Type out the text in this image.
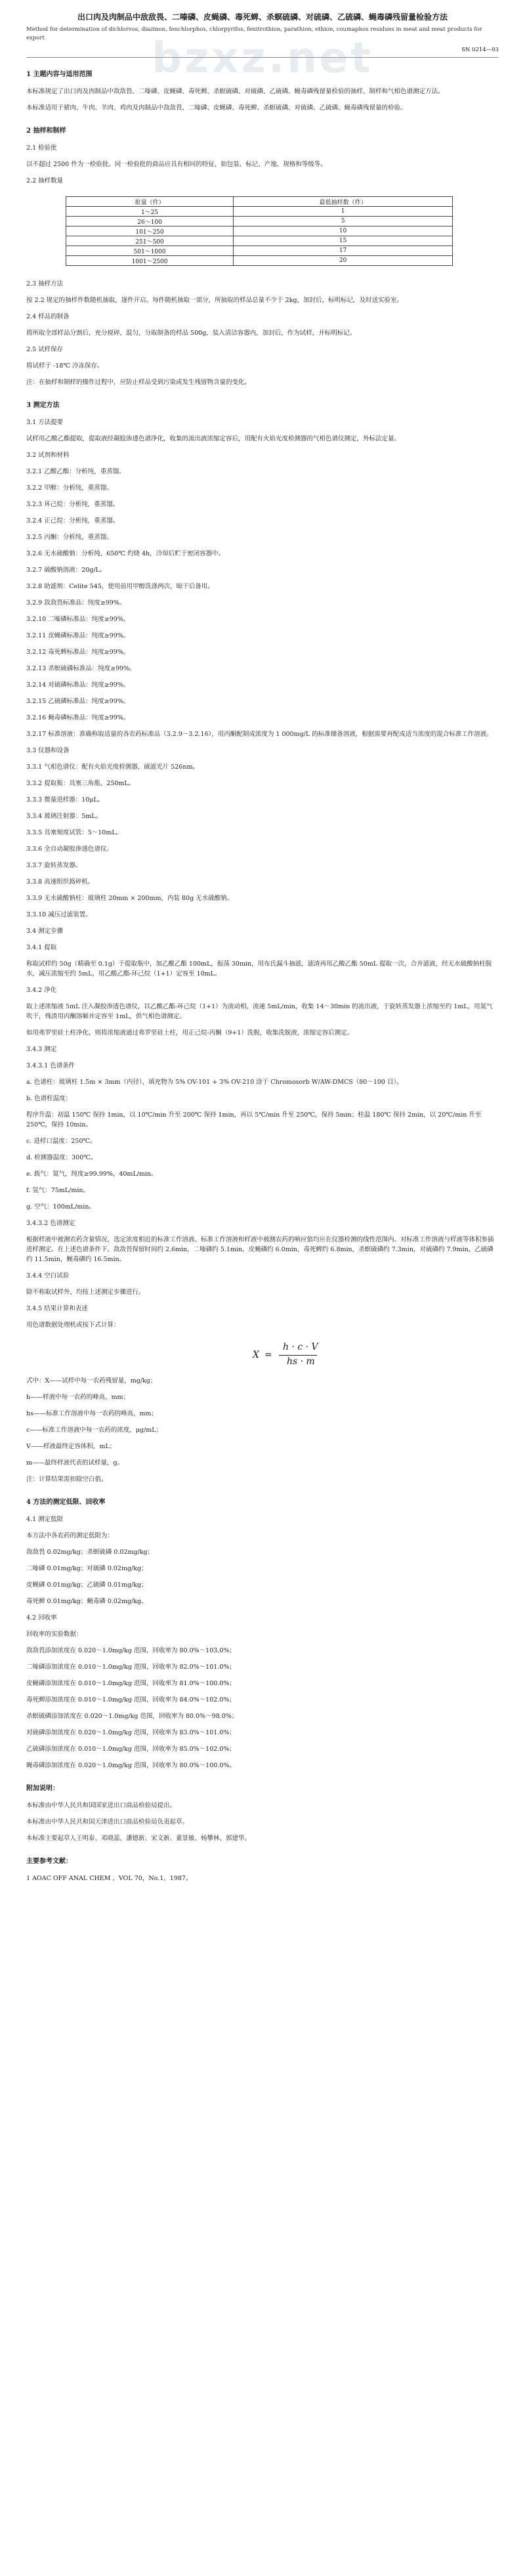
bzxz.net
出口肉及肉制品中敌敌畏、二嗪磷、皮蝇磷、毒死蜱、杀螟硫磷、对硫磷、乙硫磷、蝇毒磷残留量检验方法
Method for determination of dichlorvos, diazinon, fenchlorphos, chlorpyrifos, fenitrothion, parathion, ethion, coumaphos residues in meat and meat products for export
SN 0214—93
1 主题内容与适用范围
本标准规定了出口肉及肉制品中敌敌畏、二嗪磷、皮蝇磷、毒死蜱、杀螟硫磷、对硫磷、乙硫磷、蝇毒磷残留量检验的抽样、制样和气相色谱测定方法。
本标准适用于猪肉、牛肉、羊肉、鸡肉及肉制品中敌敌畏、二嗪磷、皮蝇磷、毒死蜱、杀螟硫磷、对硫磷、乙硫磷、蝇毒磷残留量的检验。
2 抽样和制样
2.1 检验批
以不超过 2500 件为一检验批。同一检验批的商品应具有相同的特征，如包装、标记、产地、规格和等级等。
2.2 抽样数量
批量（件）	最低抽样数（件）
1～25	1
26～100	5
101～250	10
251～500	15
501～1000	17
1001～2500	20
2.3 抽样方法
按 2.2 规定的抽样件数随机抽取，逐件开启。每件随机抽取一部分，所抽取的样品总量不少于 2kg，加封后，标明标记，及时送实验室。
2.4 样品的制备
将所取全部样品分割后，充分搅碎，混匀，分取制备的样品 500g，装入清洁容器内，加封后，作为试样，并标明标记。
2.5 试样保存
将试样于 -18℃ 冷冻保存。
注：在抽样和制样的操作过程中，应防止样品受到污染或发生残留物含量的变化。
3 测定方法
3.1 方法提要
试样用乙酸乙酯提取，提取液经凝胶渗透色谱净化，收集的流出液浓缩定容后，用配有火焰光度检测器的气相色谱仪测定，外标法定量。
3.2 试剂和材料
3.2.1 乙酸乙酯：分析纯，重蒸馏。
3.2.2 甲醇：分析纯，重蒸馏。
3.2.3 环己烷：分析纯，重蒸馏。
3.2.4 正己烷：分析纯，重蒸馏。
3.2.5 丙酮：分析纯，重蒸馏。
3.2.6 无水硫酸钠：分析纯，650℃ 灼烧 4h，冷却后贮于密闭容器中。
3.2.7 硫酸钠溶液：20g/L。
3.2.8 助滤剂：Celite 545，使用前用甲醇洗涤两次，晾干后备用。
3.2.9 敌敌畏标准品：纯度≥99%。
3.2.10 二嗪磷标准品：纯度≥99%。
3.2.11 皮蝇磷标准品：纯度≥99%。
3.2.12 毒死蜱标准品：纯度≥99%。
3.2.13 杀螟硫磷标准品：纯度≥99%。
3.2.14 对硫磷标准品：纯度≥99%。
3.2.15 乙硫磷标准品：纯度≥99%。
3.2.16 蝇毒磷标准品：纯度≥99%。
3.2.17 标准溶液：准确称取适量的各农药标准品（3.2.9～3.2.16），用丙酮配制成浓度为 1 000mg/L 的标准储备溶液，根据需要再配成适当浓度的混合标准工作溶液。
3.3 仪器和设备
3.3.1 气相色谱仪：配有火焰光度检测器，硫滤光片 526nm。
3.3.2 提取瓶：具塞三角瓶，250mL。
3.3.3 微量进样器：10μL。
3.3.4 玻璃注射器：5mL。
3.3.5 具塞刻度试管：5～10mL。
3.3.6 全自动凝胶渗透色谱仪。
3.3.7 旋转蒸发器。
3.3.8 高速组织捣碎机。
3.3.9 无水硫酸钠柱：玻璃柱 20mm × 200mm，内装 80g 无水硫酸钠。
3.3.10 减压过滤装置。
3.4 测定步骤
3.4.1 提取
称取试样约 50g（精确至 0.1g）于提取瓶中，加乙酸乙酯 100mL，振荡 30min，用布氏漏斗抽滤，滤渣再用乙酸乙酯 50mL 提取一次，合并滤液，经无水硫酸钠柱脱水，减压浓缩至约 5mL，用乙酸乙酯-环己烷（1+1）定容至 10mL。
3.4.2 净化
取上述浓缩液 5mL 注入凝胶渗透色谱仪，以乙酸乙酯-环己烷（1+1）为流动相，流速 5mL/min，收集 14～30min 的流出液，于旋转蒸发器上浓缩至约 1mL，用氮气吹干，残渣用丙酮溶解并定容至 1mL，供气相色谱测定。
如用弗罗里硅土柱净化，则将浓缩液通过弗罗里硅土柱，用正己烷-丙酮（9+1）洗脱，收集洗脱液，浓缩定容后测定。
3.4.3 测定
3.4.3.1 色谱条件
a. 色谱柱：玻璃柱 1.5m × 3mm（内径），填充物为 5% OV-101 + 3% OV-210 涂于 Chromosorb W/AW-DMCS（80～100 目）。
b. 色谱柱温度：
程序升温：初温 150℃ 保持 1min，以 10℃/min 升至 200℃ 保持 1min，再以 5℃/min 升至 250℃，保持 5min；柱温 180℃ 保持 2min，以 20℃/min 升至 250℃，保持 10min。
c. 进样口温度：250℃。
d. 检测器温度：300℃。
e. 载气：氮气，纯度≥99.99%，40mL/min。
f. 氢气：75mL/min。
g. 空气：100mL/min。
3.4.3.2 色谱测定
根据样液中被测农药含量情况，选定浓度相近的标准工作溶液。标准工作溶液和样液中被测农药的响应值均应在仪器检测的线性范围内。对标准工作溶液与样液等体积参插进样测定。在上述色谱条件下，敌敌畏保留时间约 2.6min，二嗪磷约 5.1min，皮蝇磷约 6.0min，毒死蜱约 6.8min，杀螟硫磷约 7.3min，对硫磷约 7.9min，乙硫磷约 11.5min，蝇毒磷约 16.5min。
3.4.4 空白试验
除不称取试样外，均按上述测定步骤进行。
3.4.5 结果计算和表述
用色谱数据处理机或按下式计算：
X =
h · c · V
hs · m
式中：X——试样中每一农药残留量，mg/kg；
h——样液中每一农药的峰高，mm；
hs——标准工作溶液中每一农药的峰高，mm；
c——标准工作溶液中每一农药的浓度，μg/mL；
V——样液最终定容体积，mL；
m——最终样液代表的试样量，g。
注：计算结果需扣除空白值。
4 方法的测定低限、回收率
4.1 测定低限
本方法中各农药的测定低限为：
敌敌畏 0.02mg/kg；杀螟硫磷 0.02mg/kg；
二嗪磷 0.01mg/kg；对硫磷 0.02mg/kg；
皮蝇磷 0.01mg/kg；乙硫磷 0.01mg/kg；
毒死蜱 0.01mg/kg；蝇毒磷 0.02mg/kg。
4.2 回收率
回收率的实验数据：
敌敌畏添加浓度在 0.020～1.0mg/kg 范围，回收率为 80.0%～103.0%；
二嗪磷添加浓度在 0.010～1.0mg/kg 范围，回收率为 82.0%～101.0%；
皮蝇磷添加浓度在 0.010～1.0mg/kg 范围，回收率为 81.0%～100.0%；
毒死蜱添加浓度在 0.010～1.0mg/kg 范围，回收率为 84.0%～102.0%；
杀螟硫磷添加浓度在 0.020～1.0mg/kg 范围，回收率为 80.0%～98.0%；
对硫磷添加浓度在 0.020～1.0mg/kg 范围，回收率为 83.0%～101.0%；
乙硫磷添加浓度在 0.010～1.0mg/kg 范围，回收率为 85.0%～102.0%；
蝇毒磷添加浓度在 0.020～1.0mg/kg 范围，回收率为 80.0%～100.0%。
附加说明：
本标准由中华人民共和国国家进出口商品检验局提出。
本标准由中华人民共和国天津进出口商品检验局负责起草。
本标准主要起草人王明泰、邓晓蕊、潘德新、宋文新、董景敏、杨攀林、郭建华。
主要参考文献：
1 AOAC OFF ANAL CHEM 。VOL 70，No.1，1987。
